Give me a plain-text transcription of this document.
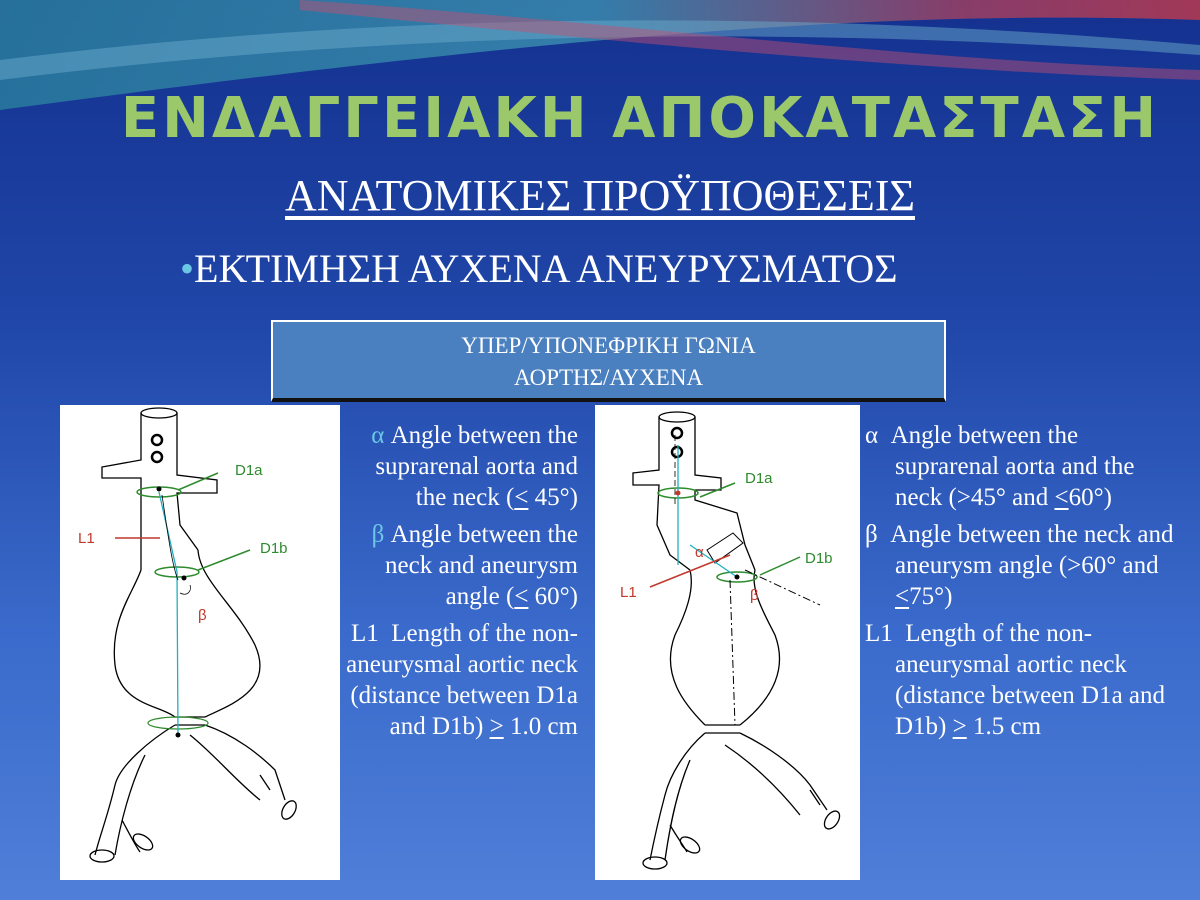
ΕΝΔΑΓΓΕΙΑΚΗ ΑΠΟΚΑΤΑΣΤΑΣΗ
ΑΝΑΤΟΜΙΚΕΣ ΠΡΟΫΠΟΘΕΣΕΙΣ
•ΕΚΤΙΜΗΣΗ ΑΥΧΕΝΑ ΑΝΕΥΡΥΣΜΑΤΟΣ
ΥΠΕΡ/ΥΠΟΝΕΦΡΙΚΗ ΓΩΝΙΑ
ΑΟΡΤΗΣ/ΑΥΧΕΝΑ
D1a
D1b
L1
β
α Angle between the suprarenal aorta and the neck (< 45°)
β Angle between the neck and aneurysm angle (< 60°)
L1 Length of the non-aneurysmal aortic neck (distance between D1a and D1b) > 1.0 cm
D1a
D1b
L1
α
β
α Angle between the suprarenal aorta and the neck (>45° and <60°)
β Angle between the neck and aneurysm angle (>60° and <75°)
L1 Length of the non-aneurysmal aortic neck (distance between D1a and D1b) > 1.5 cm
